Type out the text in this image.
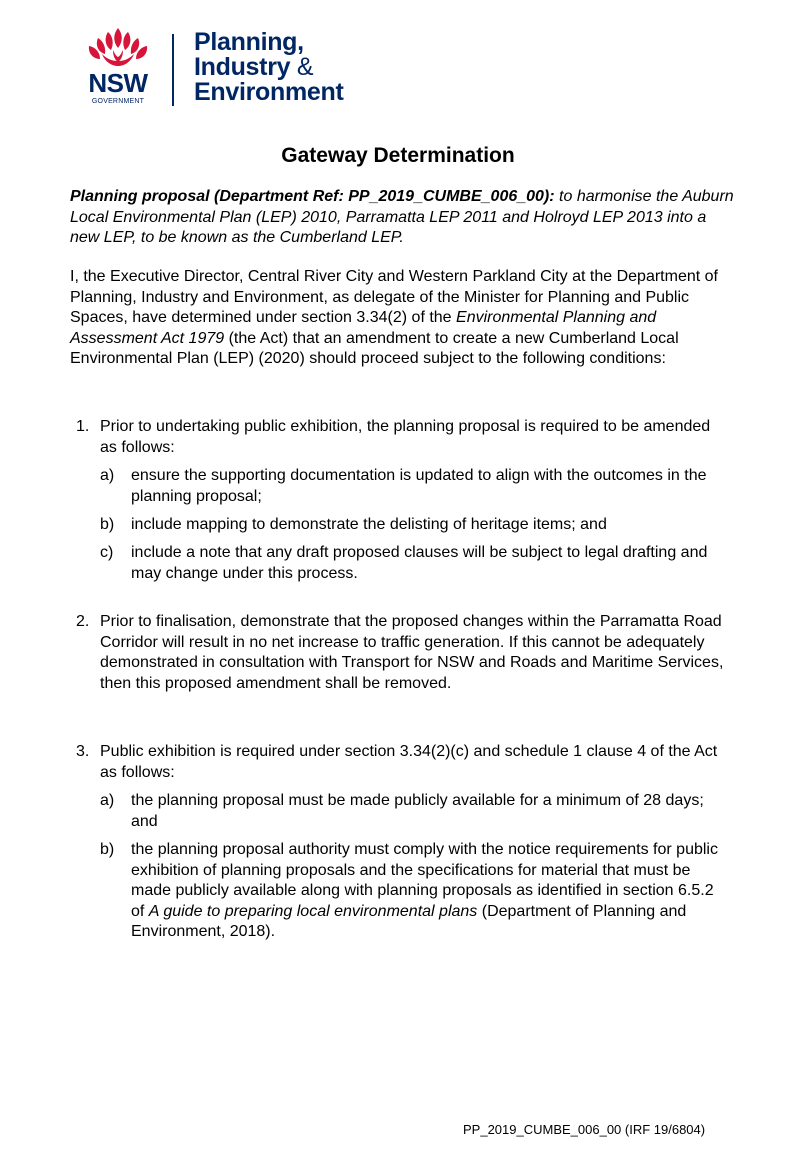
NSW
GOVERNMENT
Planning,
Industry &
Environment
Gateway Determination

Planning proposal (Department Ref: PP_2019_CUMBE_006_00): to harmonise the Auburn Local Environmental Plan (LEP) 2010, Parramatta LEP 2011 and Holroyd LEP 2013 into a new LEP, to be known as the Cumberland LEP.

I, the Executive Director, Central River City and Western Parkland City at the Department of Planning, Industry and Environment, as delegate of the Minister for Planning and Public Spaces, have determined under section 3.34(2) of the Environmental Planning and Assessment Act 1979 (the Act) that an amendment to create a new Cumberland Local Environmental Plan (LEP) (2020) should proceed subject to the following conditions:

1. Prior to undertaking public exhibition, the planning proposal is required to be amended as follows:
a) ensure the supporting documentation is updated to align with the outcomes in the planning proposal;
b) include mapping to demonstrate the delisting of heritage items; and
c) include a note that any draft proposed clauses will be subject to legal drafting and may change under this process.
2. Prior to finalisation, demonstrate that the proposed changes within the Parramatta Road Corridor will result in no net increase to traffic generation. If this cannot be adequately demonstrated in consultation with Transport for NSW and Roads and Maritime Services, then this proposed amendment shall be removed.
3. Public exhibition is required under section 3.34(2)(c) and schedule 1 clause 4 of the Act as follows:
a) the planning proposal must be made publicly available for a minimum of 28 days; and
b) the planning proposal authority must comply with the notice requirements for public exhibition of planning proposals and the specifications for material that must be made publicly available along with planning proposals as identified in section 6.5.2 of A guide to preparing local environmental plans (Department of Planning and Environment, 2018).
PP_2019_CUMBE_006_00 (IRF 19/6804)
